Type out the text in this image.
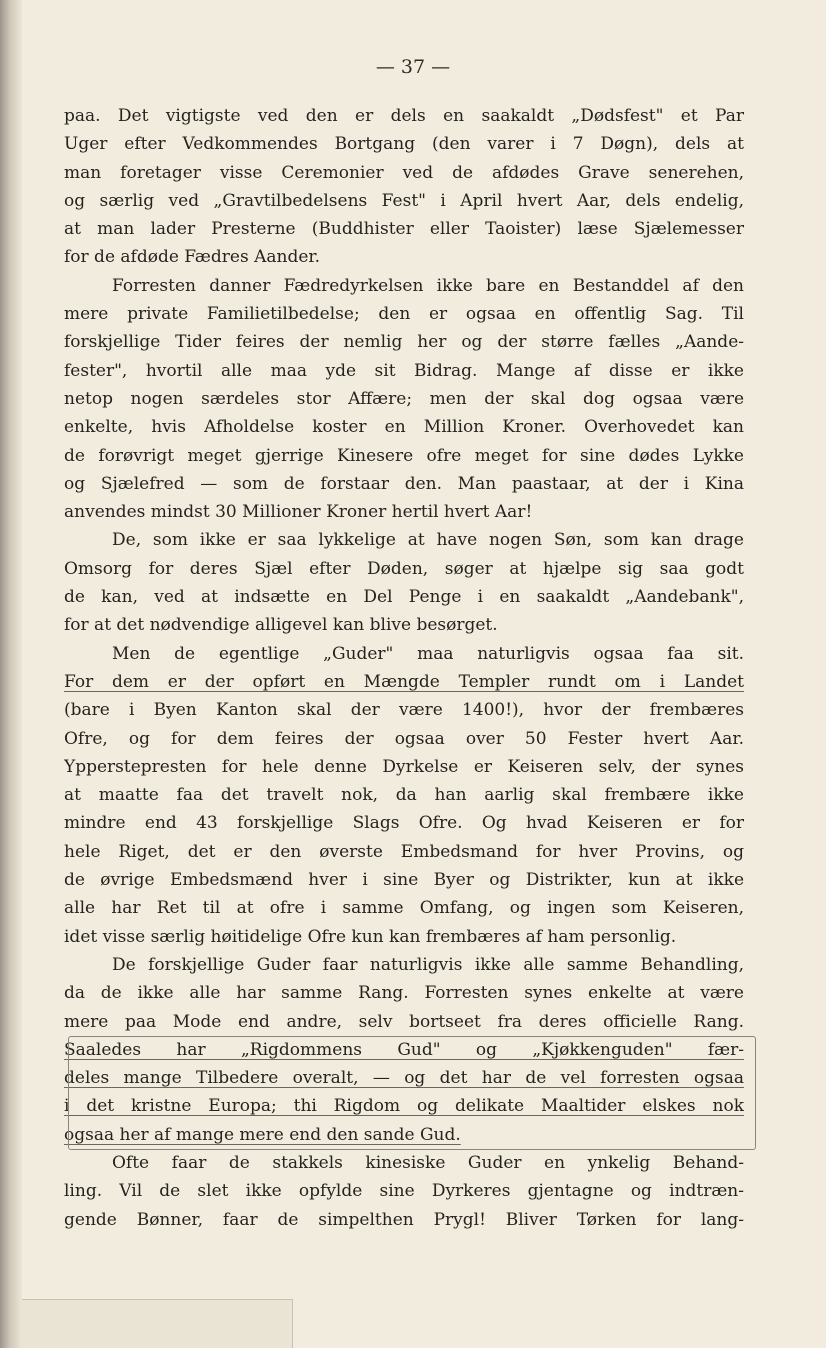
— 37 —
paa. Det vigtigste ved den er dels en saakaldt „Dødsfest" et Par
Uger efter Vedkommendes Bortgang (den varer i 7 Døgn), dels at
man foretager visse Ceremonier ved de afdødes Grave senerehen,
og særlig ved „Gravtilbedelsens Fest" i April hvert Aar, dels endelig,
at man lader Presterne (Buddhister eller Taoister) læse Sjælemesser
for de afdøde Fædres Aander.
Forresten danner Fædredyrkelsen ikke bare en Bestanddel af den
mere private Familietilbedelse; den er ogsaa en offentlig Sag. Til
forskjellige Tider feires der nemlig her og der større fælles „Aande-
fester", hvortil alle maa yde sit Bidrag. Mange af disse er ikke
netop nogen særdeles stor Affære; men der skal dog ogsaa være
enkelte, hvis Afholdelse koster en Million Kroner. Overhovedet kan
de forøvrigt meget gjerrige Kinesere ofre meget for sine dødes Lykke
og Sjælefred — som de forstaar den. Man paastaar, at der i Kina
anvendes mindst 30 Millioner Kroner hertil hvert Aar!
De, som ikke er saa lykkelige at have nogen Søn, som kan drage
Omsorg for deres Sjæl efter Døden, søger at hjælpe sig saa godt
de kan, ved at indsætte en Del Penge i en saakaldt „Aandebank",
for at det nødvendige alligevel kan blive besørget.
Men de egentlige „Guder" maa naturligvis ogsaa faa sit.
For dem er der opført en Mængde Templer rundt om i Landet
(bare i Byen Kanton skal der være 1400!), hvor der frembæres
Ofre, og for dem feires der ogsaa over 50 Fester hvert Aar.
Ypperstepresten for hele denne Dyrkelse er Keiseren selv, der synes
at maatte faa det travelt nok, da han aarlig skal frembære ikke
mindre end 43 forskjellige Slags Ofre. Og hvad Keiseren er for
hele Riget, det er den øverste Embedsmand for hver Provins, og
de øvrige Embedsmænd hver i sine Byer og Distrikter, kun at ikke
alle har Ret til at ofre i samme Omfang, og ingen som Keiseren,
idet visse særlig høitidelige Ofre kun kan frembæres af ham personlig.
De forskjellige Guder faar naturligvis ikke alle samme Behandling,
da de ikke alle har samme Rang. Forresten synes enkelte at være
mere paa Mode end andre, selv bortseet fra deres officielle Rang.
Saaledes har „Rigdommens Gud" og „Kjøkkenguden" fær-
deles mange Tilbedere overalt, — og det har de vel forresten ogsaa
i det kristne Europa; thi Rigdom og delikate Maaltider elskes nok
ogsaa her af mange mere end den sande Gud.
Ofte faar de stakkels kinesiske Guder en ynkelig Behand-
ling. Vil de slet ikke opfylde sine Dyrkeres gjentagne og indtræn-
gende Bønner, faar de simpelthen Prygl! Bliver Tørken for lang-
